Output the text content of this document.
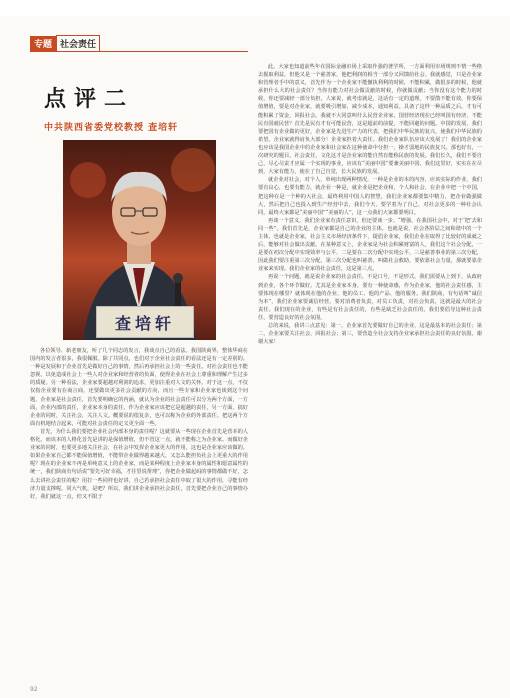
专题 社会责任
点评二
中共陕西省委党校教授 查培轩
查培轩

各位领导、新老朋友，听了几个同志的发言，我谈点自己的看法。我国陕商界，整体华商在国内的发言者很多，我很佩服。除了共同点，也们对于企业社会责任的看法还是有一定差别的。一种是发展和于企业首先是做好自己的事情，然后再承担社会上的一些责任。对社会责任也不能忽视，以免造成社会上一些人对企业家和经营者的负面，使得企业在社会上尊重和理解产生过多的质疑。另一种看法，企业家要超越对利润的追求，更加注重对人文的关怀。对于这一点，不仅仅指企业要有在商言商，还要做出更多社会贡献的方向，而且一些专家和企业家也谈到这个问题，企业家是社会责任，首先要明确它的内涵，就认为企业的社会责任可以分为两个方面，一方面，企业内部的责任，企业家本身的责任，作为企业家应该把它是超越的责任，另一方面，搞好企业的同时，关注社会，关注人文。概要说的很复杂，也可以称为企业的外部责任。把这两个方面有机地结合起来，可能对社会责任的定义更全面一些。

首先，为什么我们要把企业社会内部本身的责任呢？这就要从一些现在企业首先是营本的人格化，而该本的人格化首先是讲的是保值增值，但不管这一点，就不能称之为企业家。而做好企业家的同时，也要更多地关注社会，在社会中发挥企业家更大的作用，这也是企业家应该做的。如果企业家自己都不能保值增值，不能带企业做得越来越大，又怎么能担负社会上更重大的作用呢？现在的企业家不再是单纯意义上的企业家，而是某种程度上企业家本身的属性和愿意属性的统一，我们陕商有句话说“要先可好幸福，才往里说帮理”，你把企业做起码的事情都做不好，怎么去讲社会责任的呢？用打一些同样也好讲，自己若承担社会责任中取了很大的作用，寻能有经济力量支撑呢，同大气机，是吧？所以，我们讲企业承担社会责任，首先要把企业自己的事情办好，我们就这一点，但又不限于

此。大家也知道前些年在国际金融市场上采取作强的著学所，一方面利用市场规则不情一些格去握取利益，但他又是一个慈善家，他把利润的相当一部分又回馈给社会。我就感觉，只是企业家和管理者手中的意义，首先作为一个企业家不能撤执利利的时候，不能积累，做很多的时候，他就承担什么大的社会责任？当你有能力对社会做贡献的时候，你就做贡献；当你没有这个能力的时候，你还要减轻一部分负担，人家说，就考虑就是，这话有一定的道理。不要散不能有效，你要保值增值，要是对企业家，就要吸引增加，减少成本，通知利益。具备了这样一种品质之后，才有可能积累了资金，回报社会。我就不大同意叫什么民营企业家，国营经济现在已经叫国有经济，不能民有国就民营？首先是民有才有可能民营，这是超前的前提，不能回避的问题。中国的发展，我们要把国有企业做的更好，企业家是先进生产力的代表，把我们中华民族的复兴，使我们中华民族的希望。企业家就得肩负大部分！企业家担着大责任。我们企业家队伍应该大发展了！我们的企业家也应该是我国企业中的企业家和社会家在这种使命中分担一，操才弱地的民族复兴。那也好有，一次研究的题目，社会责任，文化这才是企业家的能自然有能称民族的发展。我们长久，我们不要自己，尽心尽责才应属一个实现的事业，应该有“美丽中国”要兼美丽中国，我们这里好，实实在在尽到，大家有能力，使在了自己自觉，长大民族的发展。

就企业对社会，对个人，单纯出现两种情况，一种是企业的本的内容，应该实际的作业，我们要有良心，也要有能力，就企业一种是，就企业是把企业和，个人和社会，在企业中把一个中国，把这种在是一个种的大社会，最终利用中国人的智慧，我们企业家都要集中精力，把企业做强做大，然后把自己也投入到生产经营中去，我们今天，要学着为了自己，对社会更多的一种社会认同，最终大家都是“美丽中国”“美丽的人”，这一点我们大家都要明白。

再谈一个意义，我们企业家有责任意识，但还要谈一步。“增强，在我国社会中，对于‘把’去和同一些”，我们首先是，企业家都是自己的企业的主体，也就是说，社会各阶层之间和谐中的一个主体，也就是企业家，社会主义市场经济条件下，提倡企业家，我们企业在取得了比较好的成就之后，能够对社会做出贡献。在某种意义上，企业家是为社会积累财富的人，我们这个社会分配，一是要在初次分配中实现效率与公平，二是要在二次分配中实现公平，三是慈善事业的第三次分配，因此我们要注重第三次分配，第三次分配也叫慈善，叫做社会救助，要依靠社会力量，那就要靠企业家来实现。我们企业家的社会责任，这是第三点。

再说一个问题，就是说企业家的社会责任，不是口号，不是形式，我们需要从上到下，从政府到企业，各个环节做好。尤其是企业家本身，要有一种使命感，作为企业家，他的社会责任感，主要体现在哪里？就体现在他的企业、他的员工、他的产品、他的服务。我们陕商，有句话叫“诚信为本”，我们企业家要诚信经营，要对消费者负责，对员工负责，对社会负责，这就是最大的社会责任。我们现在的企业，有些是有社会责任的，有些是缺乏社会责任的，我们要倡导这种社会责任，要营造良好的社会氛围。

总的来说，我讲三点意见：第一，企业家首先要做好自己的企业，这是最基本的社会责任；第二，企业家要关注社会，回报社会；第三，要营造全社会支持企业家承担社会责任的良好氛围。谢谢大家！

92
